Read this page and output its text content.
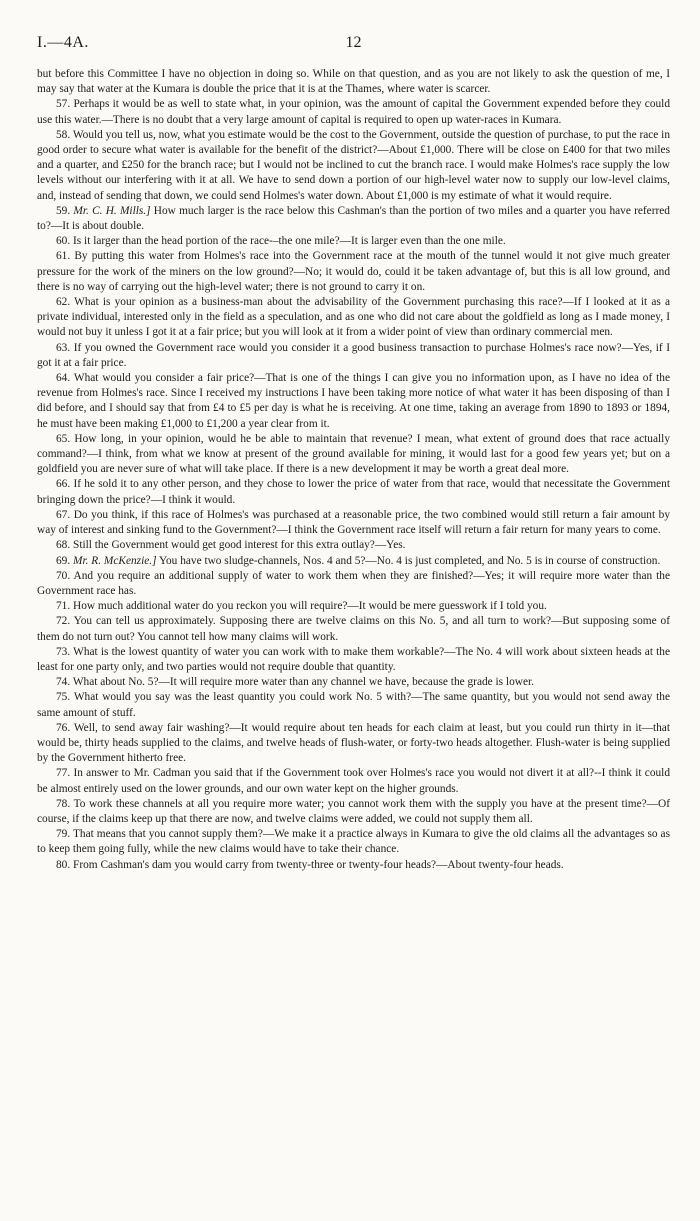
I.—4A.	12

but before this Committee I have no objection in doing so. While on that question, and as you are not likely to ask the question of me, I may say that water at the Kumara is double the price that it is at the Thames, where water is scarcer.

57. Perhaps it would be as well to state what, in your opinion, was the amount of capital the Government expended before they could use this water.—There is no doubt that a very large amount of capital is required to open up water-races in Kumara.

58. Would you tell us, now, what you estimate would be the cost to the Government, outside the question of purchase, to put the race in good order to secure what water is available for the benefit of the district?—About £1,000. There will be close on £400 for that two miles and a quarter, and £250 for the branch race; but I would not be inclined to cut the branch race. I would make Holmes's race supply the low levels without our interfering with it at all. We have to send down a portion of our high-level water now to supply our low-level claims, and, instead of sending that down, we could send Holmes's water down. About £1,000 is my estimate of what it would require.

59. Mr. C. H. Mills.] How much larger is the race below this Cashman's than the portion of two miles and a quarter you have referred to?—It is about double.

60. Is it larger than the head portion of the race-–the one mile?—It is larger even than the one mile.

61. By putting this water from Holmes's race into the Government race at the mouth of the tunnel would it not give much greater pressure for the work of the miners on the low ground?—No; it would do, could it be taken advantage of, but this is all low ground, and there is no way of carrying out the high-level water; there is not ground to carry it on.

62. What is your opinion as a business-man about the advisability of the Government purchasing this race?—If I looked at it as a private individual, interested only in the field as a speculation, and as one who did not care about the goldfield as long as I made money, I would not buy it unless I got it at a fair price; but you will look at it from a wider point of view than ordinary commercial men.

63. If you owned the Government race would you consider it a good business transaction to purchase Holmes's race now?—Yes, if I got it at a fair price.

64. What would you consider a fair price?—That is one of the things I can give you no information upon, as I have no idea of the revenue from Holmes's race. Since I received my instructions I have been taking more notice of what water it has been disposing of than I did before, and I should say that from £4 to £5 per day is what he is receiving. At one time, taking an average from 1890 to 1893 or 1894, he must have been making £1,000 to £1,200 a year clear from it.

65. How long, in your opinion, would he be able to maintain that revenue? I mean, what extent of ground does that race actually command?—I think, from what we know at present of the ground available for mining, it would last for a good few years yet; but on a goldfield you are never sure of what will take place. If there is a new development it may be worth a great deal more.

66. If he sold it to any other person, and they chose to lower the price of water from that race, would that necessitate the Government bringing down the price?—I think it would.

67. Do you think, if this race of Holmes's was purchased at a reasonable price, the two combined would still return a fair amount by way of interest and sinking fund to the Government?—I think the Government race itself will return a fair return for many years to come.

68. Still the Government would get good interest for this extra outlay?—Yes.

69. Mr. R. McKenzie.] You have two sludge-channels, Nos. 4 and 5?—No. 4 is just completed, and No. 5 is in course of construction.

70. And you require an additional supply of water to work them when they are finished?—Yes; it will require more water than the Government race has.

71. How much additional water do you reckon you will require?—It would be mere guesswork if I told you.

72. You can tell us approximately. Supposing there are twelve claims on this No. 5, and all turn to work?—But supposing some of them do not turn out? You cannot tell how many claims will work.

73. What is the lowest quantity of water you can work with to make them workable?—The No. 4 will work about sixteen heads at the least for one party only, and two parties would not require double that quantity.

74. What about No. 5?—It will require more water than any channel we have, because the grade is lower.

75. What would you say was the least quantity you could work No. 5 with?—The same quantity, but you would not send away the same amount of stuff.

76. Well, to send away fair washing?—It would require about ten heads for each claim at least, but you could run thirty in it—that would be, thirty heads supplied to the claims, and twelve heads of flush-water, or forty-two heads altogether. Flush-water is being supplied by the Government hitherto free.

77. In answer to Mr. Cadman you said that if the Government took over Holmes's race you would not divert it at all?--I think it could be almost entirely used on the lower grounds, and our own water kept on the higher grounds.

78. To work these channels at all you require more water; you cannot work them with the supply you have at the present time?—Of course, if the claims keep up that there are now, and twelve claims were added, we could not supply them all.

79. That means that you cannot supply them?—We make it a practice always in Kumara to give the old claims all the advantages so as to keep them going fully, while the new claims would have to take their chance.

80. From Cashman's dam you would carry from twenty-three or twenty-four heads?—About twenty-four heads.
